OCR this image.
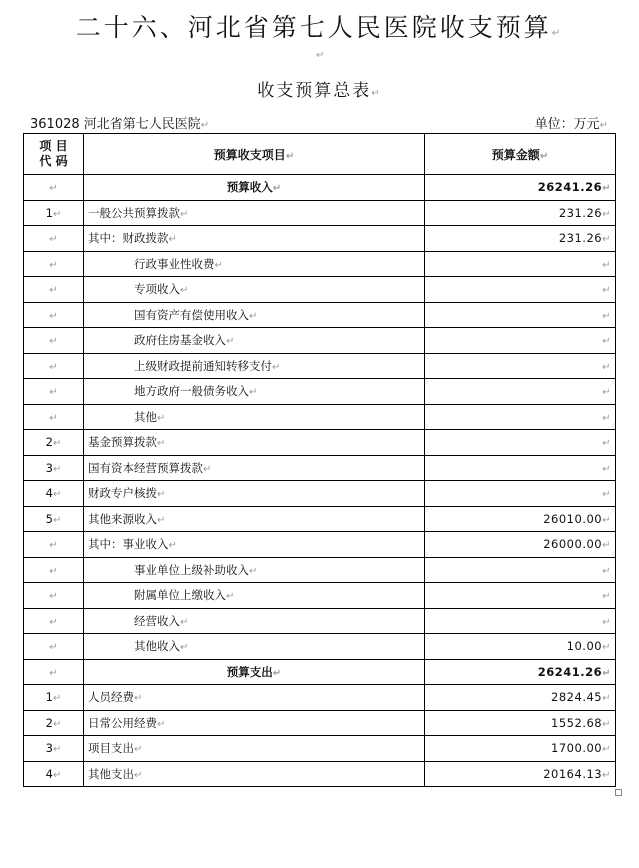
二十六、河北省第七人民医院收支预算↵
↵
收支预算总表↵
361028 河北省第七人民医院↵	单位：万元↵
项 目
代 码	预算收支项目↵	预算金额↵
↵	预算收入↵	26241.26↵
1↵	一般公共预算拨款↵	231.26↵
↵	其中：财政拨款↵	231.26↵
↵	行政事业性收费↵	↵
↵	专项收入↵	↵
↵	国有资产有偿使用收入↵	↵
↵	政府住房基金收入↵	↵
↵	上级财政提前通知转移支付↵	↵
↵	地方政府一般债务收入↵	↵
↵	其他↵	↵
2↵	基金预算拨款↵	↵
3↵	国有资本经营预算拨款↵	↵
4↵	财政专户核拨↵	↵
5↵	其他来源收入↵	26010.00↵
↵	其中：事业收入↵	26000.00↵
↵	事业单位上级补助收入↵	↵
↵	附属单位上缴收入↵	↵
↵	经营收入↵	↵
↵	其他收入↵	10.00↵
↵	预算支出↵	26241.26↵
1↵	人员经费↵	2824.45↵
2↵	日常公用经费↵	1552.68↵
3↵	项目支出↵	1700.00↵
4↵	其他支出↵	20164.13↵
